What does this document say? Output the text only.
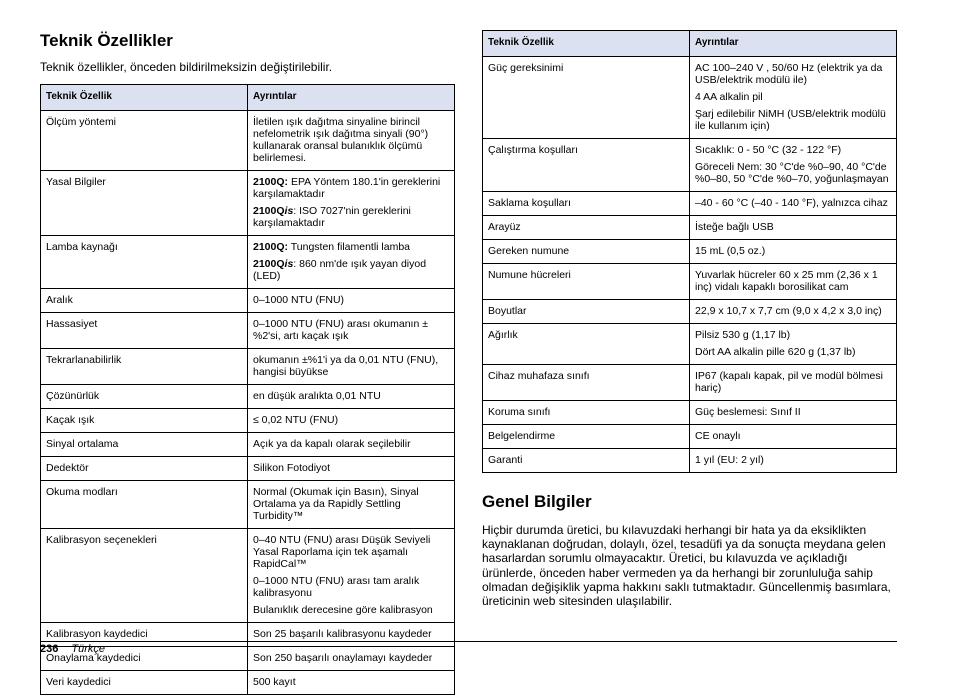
Teknik Özellikler

Teknik özellikler, önceden bildirilmeksizin değiştirilebilir.

Teknik Özellik	Ayrıntılar
Ölçüm yöntemi	İletilen ışık dağıtma sinyaline birincil nefelometrik ışık dağıtma sinyali (90°) kullanarak oransal bulanıklık ölçümü belirlemesi.

Yasal Bilgiler	2100Q: EPA Yöntem 180.1'in gereklerini karşılamaktadır

2100Qis: ISO 7027'nin gereklerini karşılamaktadır

Lamba kaynağı	2100Q: Tungsten filamentli lamba

2100Qis: 860 nm'de ışık yayan diyod (LED)

Aralık	0–1000 NTU (FNU)

Hassasiyet	0–1000 NTU (FNU) arası okumanın ±%2'si, artı kaçak ışık

Tekrarlanabilirlik	okumanın ±%1'i ya da 0,01 NTU (FNU), hangisi büyükse

Çözünürlük	en düşük aralıkta 0,01 NTU

Kaçak ışık	≤ 0,02 NTU (FNU)

Sinyal ortalama	Açık ya da kapalı olarak seçilebilir

Dedektör	Silikon Fotodiyot

Okuma modları	Normal (Okumak için Basın), Sinyal Ortalama ya da Rapidly Settling Turbidity™

Kalibrasyon seçenekleri	0–40 NTU (FNU) arası Düşük Seviyeli Yasal Raporlama için tek aşamalı RapidCal™

0–1000 NTU (FNU) arası tam aralık kalibrasyonu

Bulanıklık derecesine göre kalibrasyon

Kalibrasyon kaydedici	Son 25 başarılı kalibrasyonu kaydeder

Onaylama kaydedici	Son 250 başarılı onaylamayı kaydeder

Veri kaydedici	500 kayıt

Teknik Özellik	Ayrıntılar
Güç gereksinimi	AC 100–240 V , 50/60 Hz (elektrik ya da USB/elektrik modülü ile)

4 AA alkalin pil

Şarj edilebilir NiMH (USB/elektrik modülü ile kullanım için)

Çalıştırma koşulları	Sıcaklık: 0 - 50 °C (32 - 122 °F)

Göreceli Nem: 30 °C'de %0–90, 40 °C'de %0–80, 50 °C'de %0–70, yoğunlaşmayan

Saklama koşulları	–40 - 60 °C (–40 - 140 °F), yalnızca cihaz

Arayüz	İsteğe bağlı USB

Gereken numune	15 mL (0,5 oz.)

Numune hücreleri	Yuvarlak hücreler 60 x 25 mm (2,36 x 1 inç) vidalı kapaklı borosilikat cam

Boyutlar	22,9 x 10,7 x 7,7 cm (9,0 x 4,2 x 3,0 inç)

Ağırlık	Pilsiz 530 g (1,17 lb)

Dört AA alkalin pille 620 g (1,37 lb)

Cihaz muhafaza sınıfı	IP67 (kapalı kapak, pil ve modül bölmesi hariç)

Koruma sınıfı	Güç beslemesi: Sınıf II

Belgelendirme	CE onaylı

Garanti	1 yıl (EU: 2 yıl)

Genel Bilgiler

Hiçbir durumda üretici, bu kılavuzdaki herhangi bir hata ya da eksiklikten kaynaklanan doğrudan, dolaylı, özel, tesadüfi ya da sonuçta meydana gelen hasarlardan sorumlu olmayacaktır. Üretici, bu kılavuzda ve açıkladığı ürünlerde, önceden haber vermeden ya da herhangi bir zorunluluğa sahip olmadan değişiklik yapma hakkını saklı tutmaktadır. Güncellenmiş basımlara, üreticinin web sitesinden ulaşılabilir.

236 Türkçe
